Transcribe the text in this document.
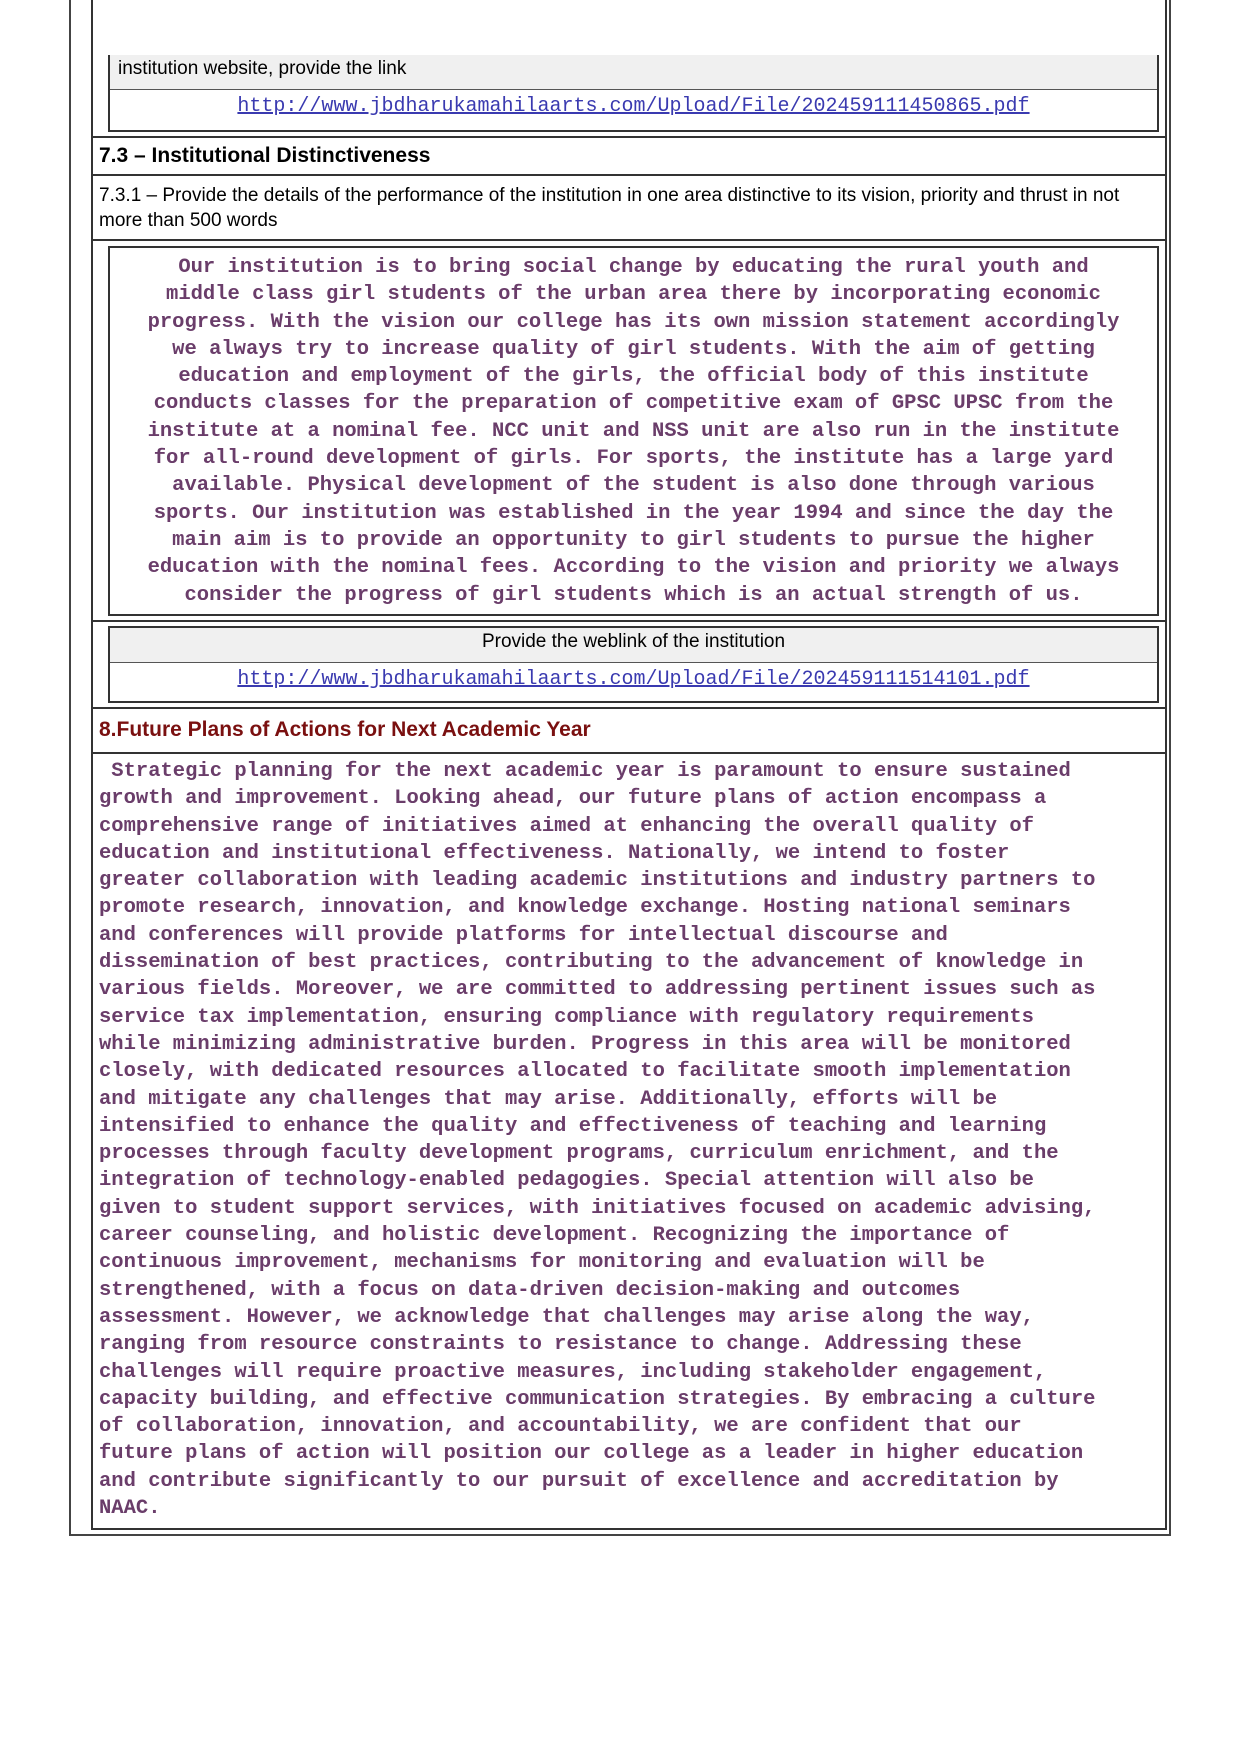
institution website, provide the link
http://www.jbdharukamahilaarts.com/Upload/File/202459111450865.pdf
7.3 – Institutional Distinctiveness
7.3.1 – Provide the details of the performance of the institution in one area distinctive to its vision, priority and thrust in not more than 500 words
Our institution is to bring social change by educating the rural youth and
middle class girl students of the urban area there by incorporating economic
progress. With the vision our college has its own mission statement accordingly
we always try to increase quality of girl students. With the aim of getting
education and employment of the girls, the official body of this institute
conducts classes for the preparation of competitive exam of GPSC UPSC from the
institute at a nominal fee. NCC unit and NSS unit are also run in the institute
for all-round development of girls. For sports, the institute has a large yard
available. Physical development of the student is also done through various
sports. Our institution was established in the year 1994 and since the day the
main aim is to provide an opportunity to girl students to pursue the higher
education with the nominal fees. According to the vision and priority we always
consider the progress of girl students which is an actual strength of us.
Provide the weblink of the institution
http://www.jbdharukamahilaarts.com/Upload/File/202459111514101.pdf
8.Future Plans of Actions for Next Academic Year
Strategic planning for the next academic year is paramount to ensure sustained
growth and improvement. Looking ahead, our future plans of action encompass a
comprehensive range of initiatives aimed at enhancing the overall quality of
education and institutional effectiveness. Nationally, we intend to foster
greater collaboration with leading academic institutions and industry partners to
promote research, innovation, and knowledge exchange. Hosting national seminars
and conferences will provide platforms for intellectual discourse and
dissemination of best practices, contributing to the advancement of knowledge in
various fields. Moreover, we are committed to addressing pertinent issues such as
service tax implementation, ensuring compliance with regulatory requirements
while minimizing administrative burden. Progress in this area will be monitored
closely, with dedicated resources allocated to facilitate smooth implementation
and mitigate any challenges that may arise. Additionally, efforts will be
intensified to enhance the quality and effectiveness of teaching and learning
processes through faculty development programs, curriculum enrichment, and the
integration of technology-enabled pedagogies. Special attention will also be
given to student support services, with initiatives focused on academic advising,
career counseling, and holistic development. Recognizing the importance of
continuous improvement, mechanisms for monitoring and evaluation will be
strengthened, with a focus on data-driven decision-making and outcomes
assessment. However, we acknowledge that challenges may arise along the way,
ranging from resource constraints to resistance to change. Addressing these
challenges will require proactive measures, including stakeholder engagement,
capacity building, and effective communication strategies. By embracing a culture
of collaboration, innovation, and accountability, we are confident that our
future plans of action will position our college as a leader in higher education
and contribute significantly to our pursuit of excellence and accreditation by
NAAC.
